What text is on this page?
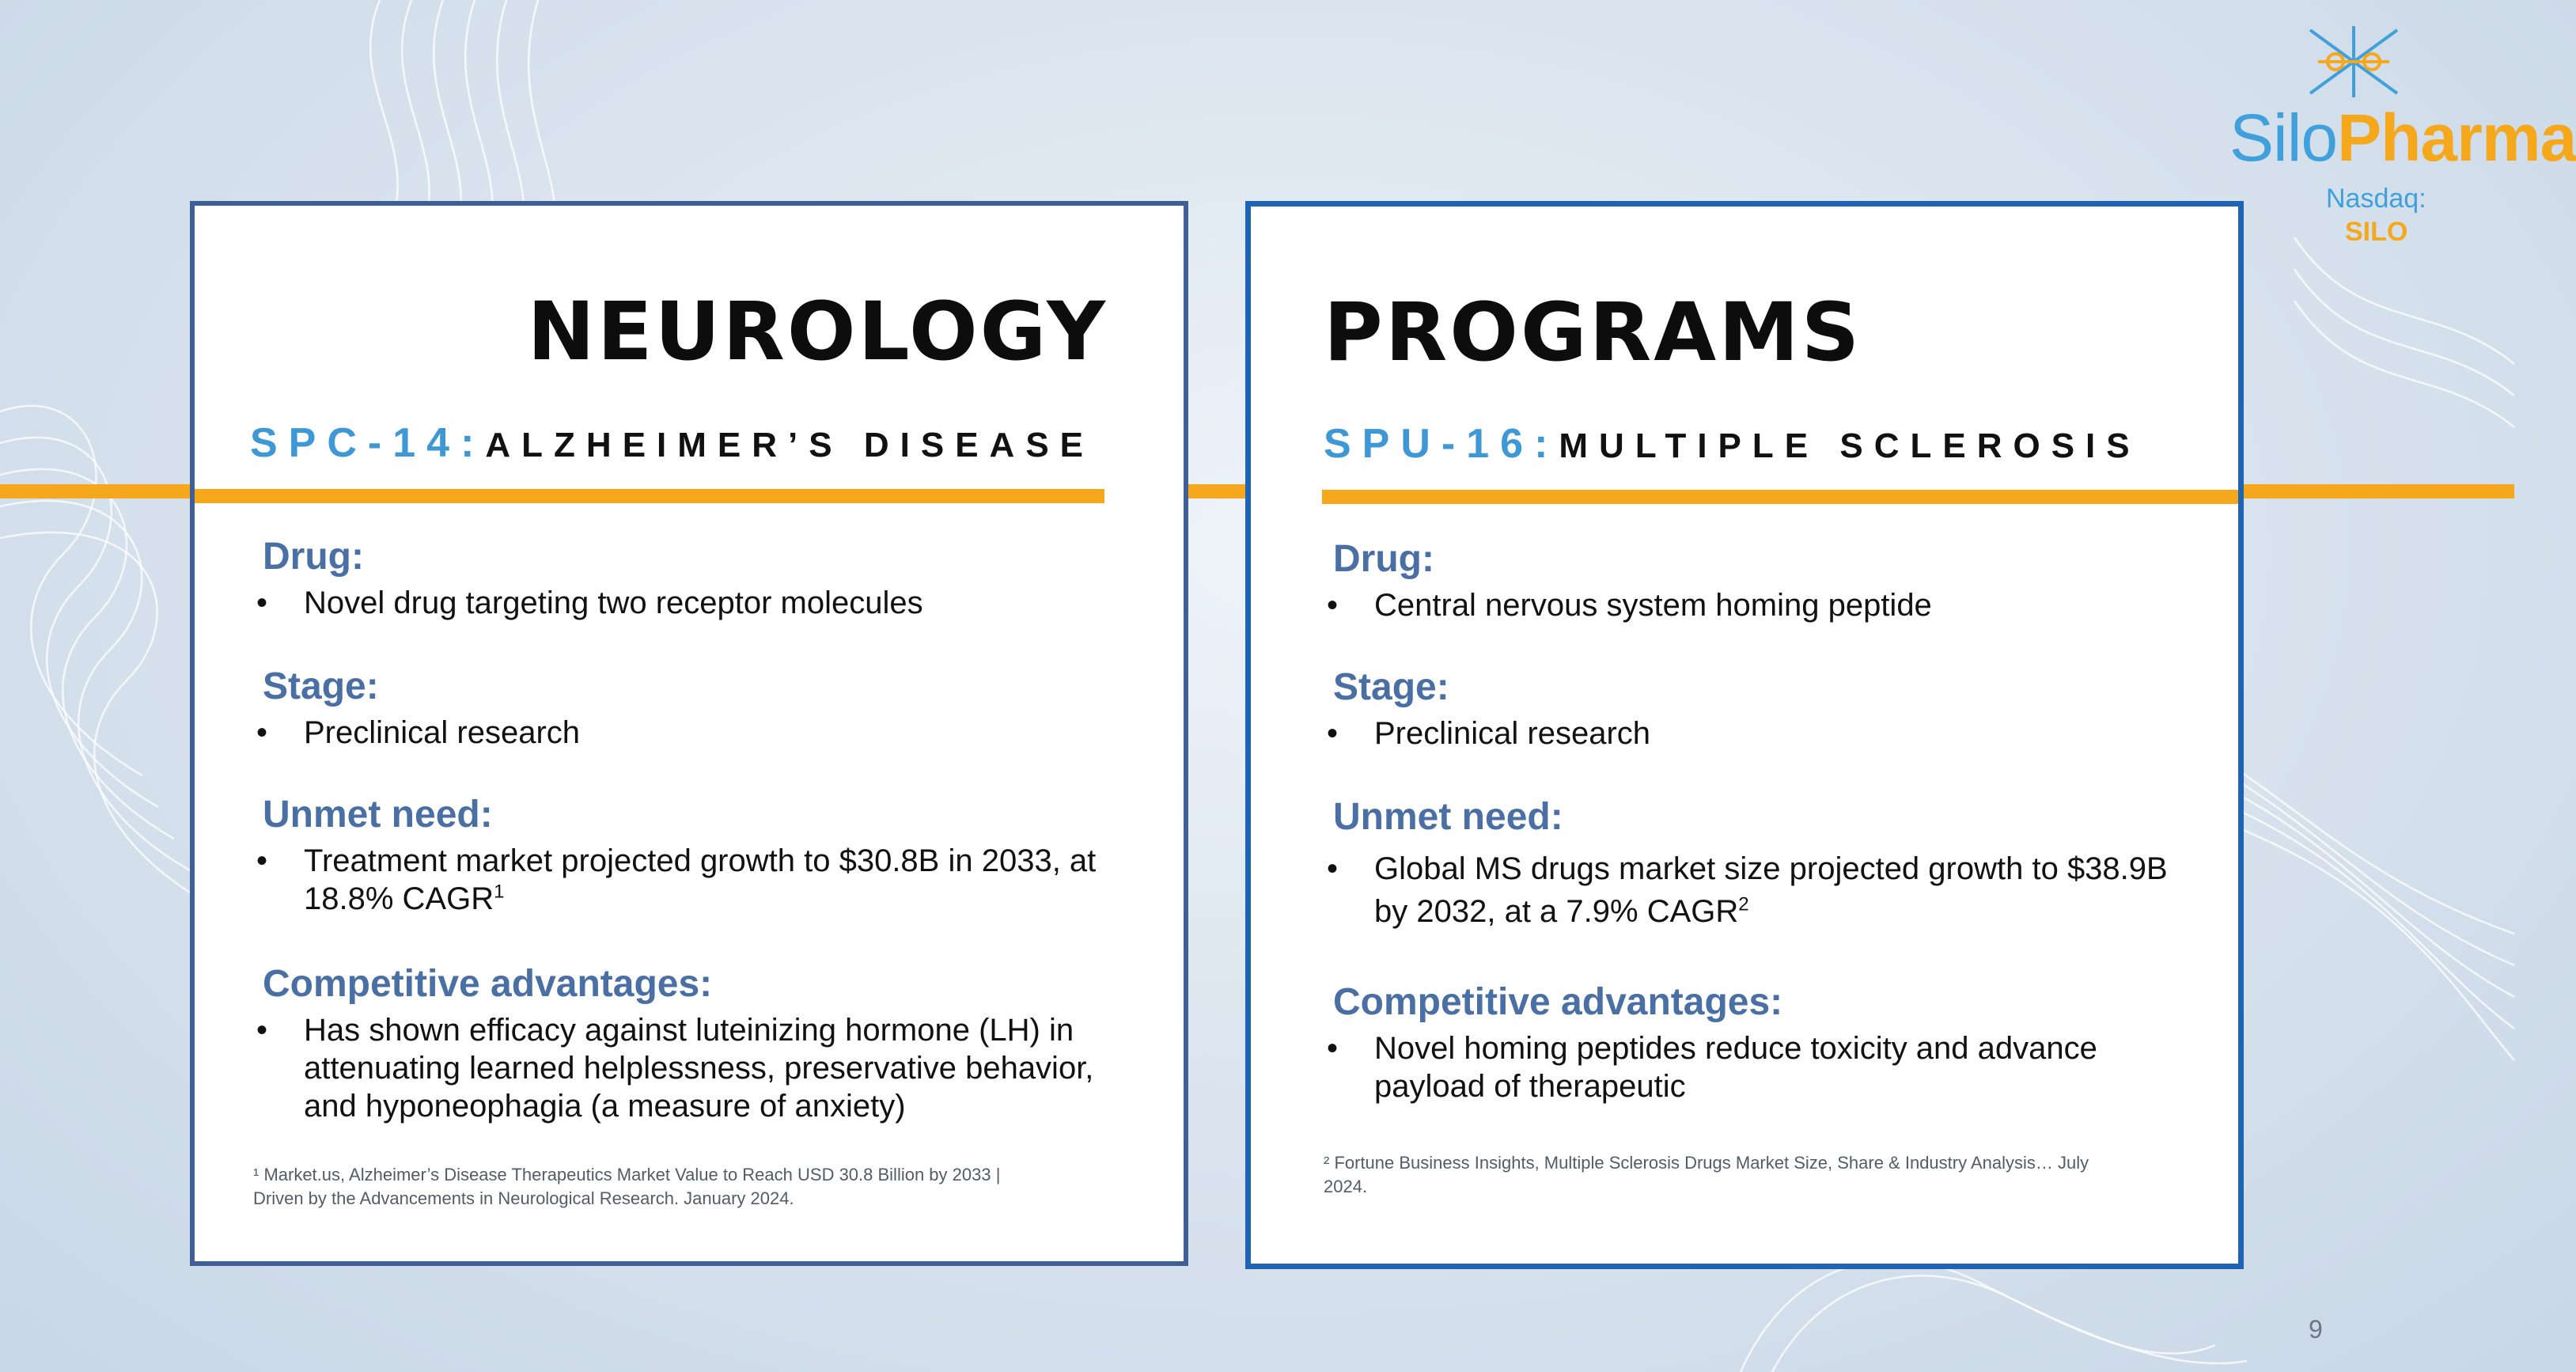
SiloPharma
Nasdaq:
SILO
NEUROLOGY
SPC-14:ALZHEIMER’S DISEASE
Drug:
• Novel drug targeting two receptor molecules
Stage:
• Preclinical research
Unmet need:
• Treatment market projected growth to $30.8B in 2033, at
18.8% CAGR$^1$
Competitive advantages:
• Has shown efficacy against luteinizing hormone (LH) in
attenuating learned helplessness, preservative behavior,
and hyponeophagia (a measure of anxiety)
¹ Market.us, Alzheimer’s Disease Therapeutics Market Value to Reach USD 30.8 Billion by 2033 |
Driven by the Advancements in Neurological Research. January 2024.
PROGRAMS
SPU-16:MULTIPLE SCLEROSIS
Drug:
• Central nervous system homing peptide
Stage:
• Preclinical research
Unmet need:
• Global MS drugs market size projected growth to $38.9B
by 2032, at a 7.9% CAGR$^2$
Competitive advantages:
• Novel homing peptides reduce toxicity and advance
payload of therapeutic
² Fortune Business Insights, Multiple Sclerosis Drugs Market Size, Share & Industry Analysis… July
2024.
9
